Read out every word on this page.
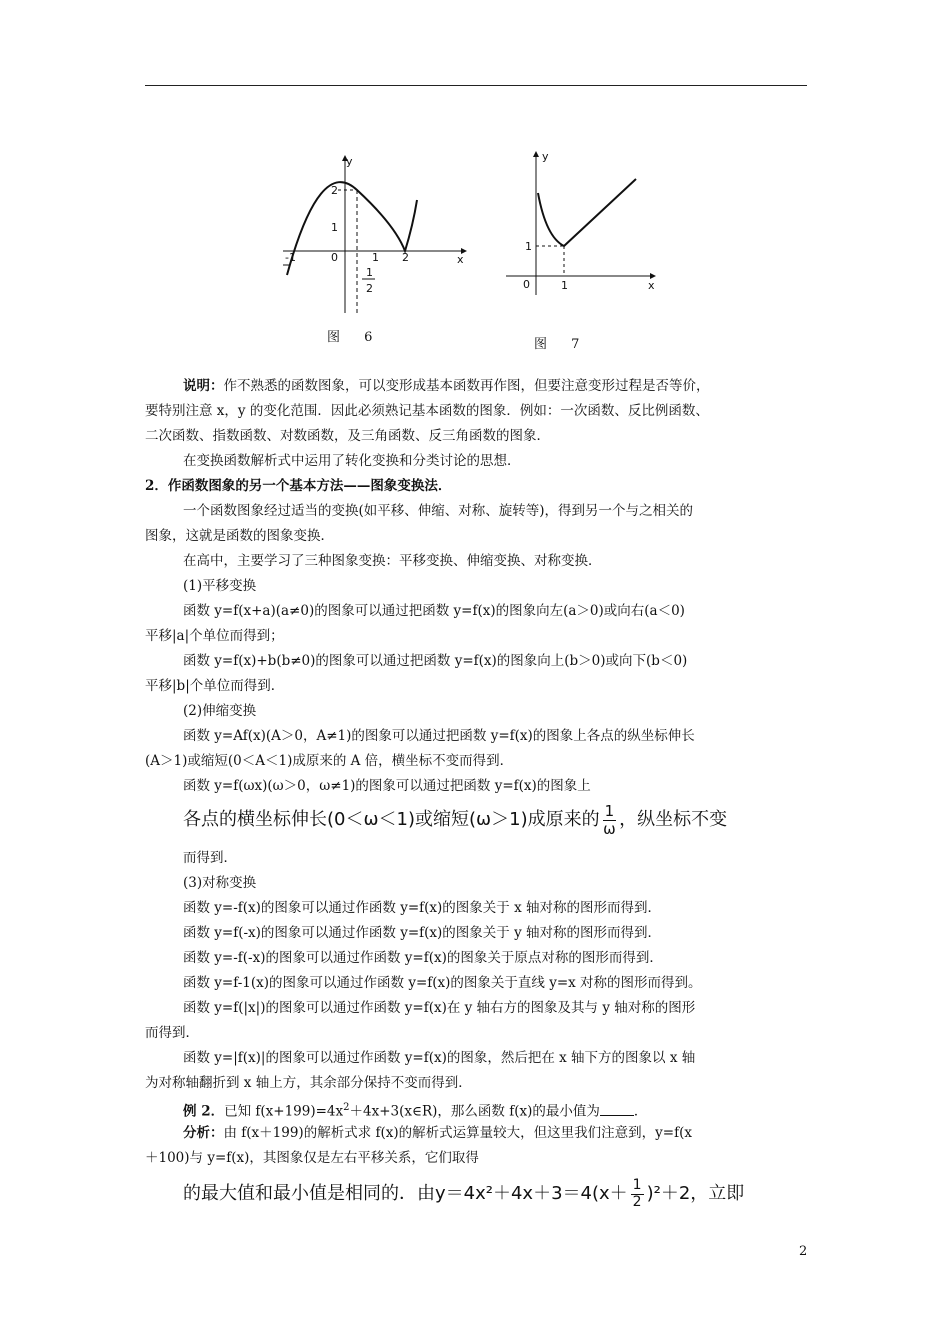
y
x
2
1
-1	0	1 2
1
2
图 6
y
x
1
0	1
图 7
说明：作不熟悉的函数图象，可以变形成基本函数再作图，但要注意变形过程是否等价，
要特别注意 x，y 的变化范围．因此必须熟记基本函数的图象．例如：一次函数、反比例函数、
二次函数、指数函数、对数函数，及三角函数、反三角函数的图象．
在变换函数解析式中运用了转化变换和分类讨论的思想．
2．作函数图象的另一个基本方法——图象变换法．
一个函数图象经过适当的变换(如平移、伸缩、对称、旋转等)，得到另一个与之相关的
图象，这就是函数的图象变换．
在高中，主要学习了三种图象变换：平移变换、伸缩变换、对称变换．
(1)平移变换
函数 y=f(x+a)(a≠0)的图象可以通过把函数 y=f(x)的图象向左(a＞0)或向右(a＜0)
平移|a|个单位而得到；
函数 y=f(x)+b(b≠0)的图象可以通过把函数 y=f(x)的图象向上(b＞0)或向下(b＜0)
平移|b|个单位而得到．
(2)伸缩变换
函数 y=Af(x)(A＞0，A≠1)的图象可以通过把函数 y=f(x)的图象上各点的纵坐标伸长
(A＞1)或缩短(0＜A＜1)成原来的 A 倍，横坐标不变而得到．
函数 y=f(ωx)(ω＞0，ω≠1)的图象可以通过把函数 y=f(x)的图象上
各点的横坐标伸长(0＜ω＜1)或缩短(ω＞1)成原来的 $\frac{1}{\omega}$ ，纵坐标不变
而得到．
(3)对称变换
函数 y=-f(x)的图象可以通过作函数 y=f(x)的图象关于 x 轴对称的图形而得到．
函数 y=f(-x)的图象可以通过作函数 y=f(x)的图象关于 y 轴对称的图形而得到．
函数 y=-f(-x)的图象可以通过作函数 y=f(x)的图象关于原点对称的图形而得到．
函数 y=f-1(x)的图象可以通过作函数 y=f(x)的图象关于直线 y=x 对称的图形而得到。
函数 y=f(|x|)的图象可以通过作函数 y=f(x)在 y 轴右方的图象及其与 y 轴对称的图形
而得到．
函数 y=|f(x)|的图象可以通过作函数 y=f(x)的图象，然后把在 x 轴下方的图象以 x 轴
为对称轴翻折到 x 轴上方，其余部分保持不变而得到．
例 2．已知 $f(x+199)=4x^2+4x+3(x\in R)$，那么函数 f(x)的最小值为	．
分析：由 f(x＋199)的解析式求 f(x)的解析式运算量较大，但这里我们注意到，y=f(x
＋100)与 y=f(x)，其图象仅是左右平移关系，它们取得
的最大值和最小值是相同的．由$y=4x^2+4x+3=4(x+ \frac{1}{2} )^2+2$，立即
2
